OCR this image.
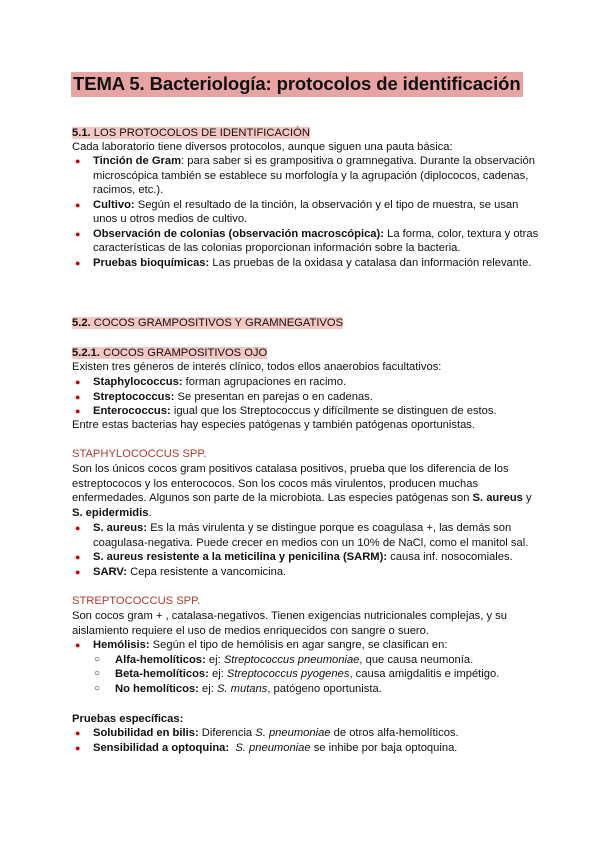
TEMA 5. Bacteriología: protocolos de identificación
5.1. LOS PROTOCOLOS DE IDENTIFICACIÓN
Cada laboratorio tiene diversos protocolos, aunque siguen una pauta básica:
● Tinción de Gram: para saber si es grampositiva o gramnegativa. Durante la observación microscópica también se establece su morfología y la agrupación (diplococos, cadenas, racimos, etc.).
● Cultivo: Según el resultado de la tinción, la observación y el tipo de muestra, se usan unos u otros medios de cultivo.
● Observación de colonias (observación macroscópica): La forma, color, textura y otras características de las colonias proporcionan información sobre la bacteria.
● Pruebas bioquímicas: Las pruebas de la oxidasa y catalasa dan información relevante.
5.2. COCOS GRAMPOSITIVOS Y GRAMNEGATIVOS
5.2.1. COCOS GRAMPOSITIVOS OJO
Existen tres géneros de interés clínico, todos ellos anaerobios facultativos:
● Staphylococcus: forman agrupaciones en racimo.
● Streptococcus: Se presentan en parejas o en cadenas.
● Enterococcus: igual que los Streptococcus y difícilmente se distinguen de estos.
Entre estas bacterias hay especies patógenas y también patógenas oportunistas.
STAPHYLOCOCCUS SPP.
Son los únicos cocos gram positivos catalasa positivos, prueba que los diferencia de los estreptococos y los enterococos. Son los cocos más virulentos, producen muchas enfermedades. Algunos son parte de la microbiota. Las especies patógenas son S. aureus y S. epidermidis.
● S. aureus: Es la más virulenta y se distingue porque es coagulasa +, las demás son coagulasa-negativa. Puede crecer en medios con un 10% de NaCl, como el manitol sal.
● S. aureus resistente a la meticilina y penicilina (SARM): causa inf. nosocomiales.
● SARV: Cepa resistente a vancomicina.
STREPTOCOCCUS SPP.
Son cocos gram + , catalasa-negativos. Tienen exigencias nutricionales complejas, y su aislamiento requiere el uso de medios enriquecidos con sangre o suero.
● Hemólisis: Según el tipo de hemólisis en agar sangre, se clasifican en:
○ Alfa-hemolíticos: ej: Streptococcus pneumoniae, que causa neumonía.
○ Beta-hemolíticos: ej: Streptococcus pyogenes, causa amigdalitis e impétigo.
○ No hemolíticos: ej: S. mutans, patógeno oportunista.
Pruebas específicas:
● Solubilidad en bilis: Diferencia S. pneumoniae de otros alfa-hemolíticos.
● Sensibilidad a optoquina: S. pneumoniae se inhibe por baja optoquina.
